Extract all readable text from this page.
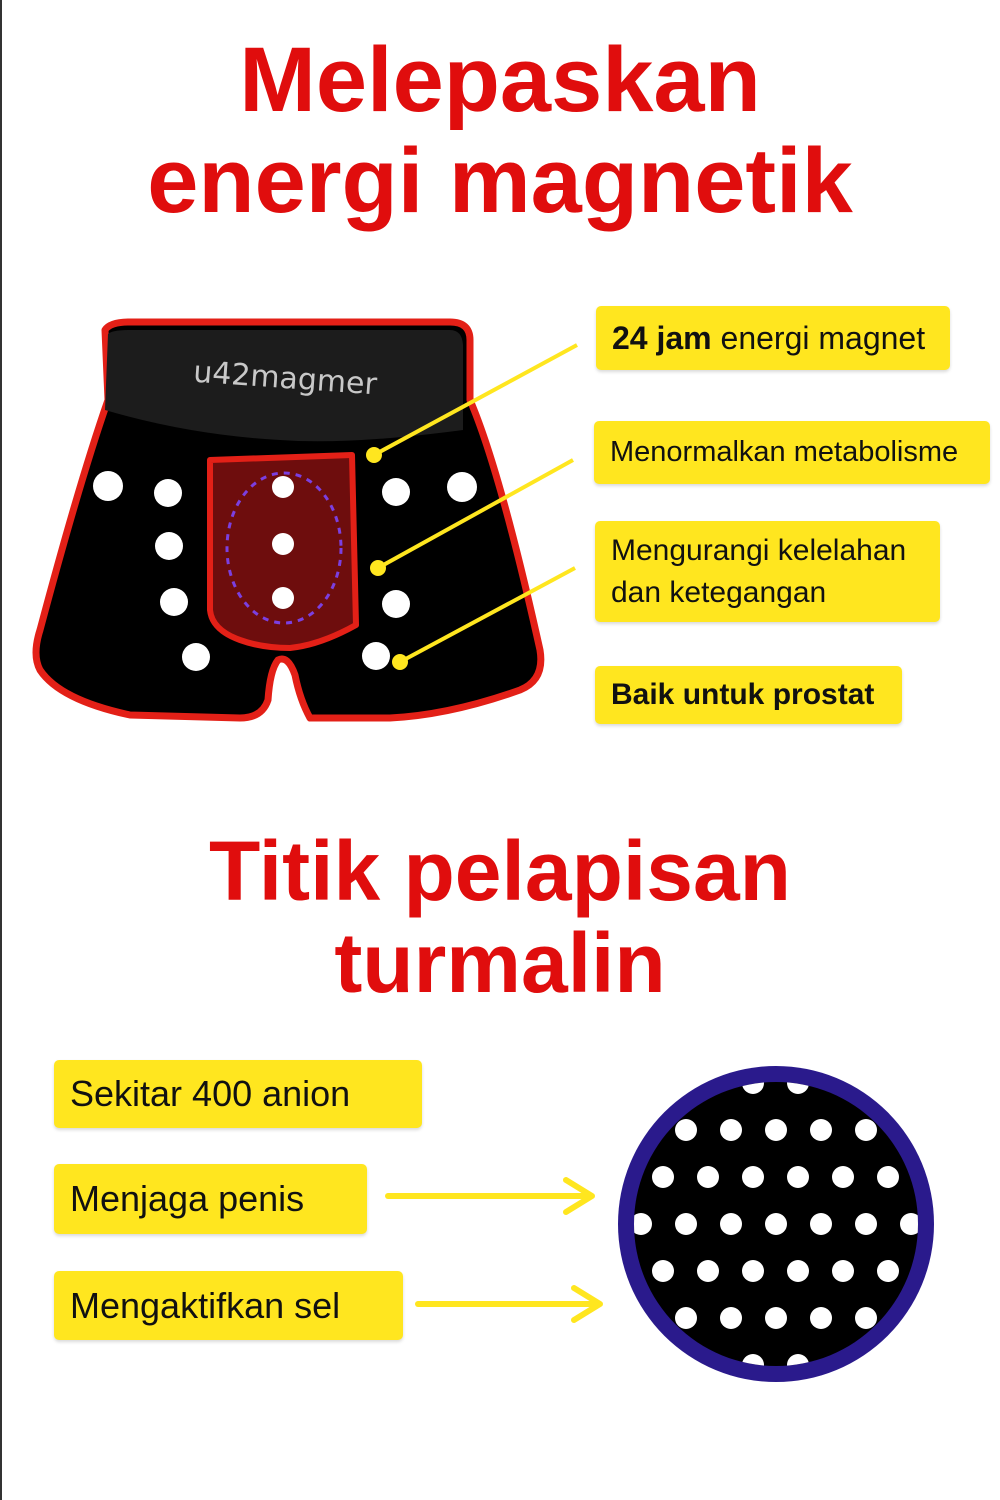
Melepaskan
energi magnetik
u42magmer
24 jam energi magnet
Menormalkan metabolisme
Mengurangi kelelahan
dan ketegangan
Baik untuk prostat
Titik pelapisan
turmalin
Sekitar 400 anion
Menjaga penis
Mengaktifkan sel
